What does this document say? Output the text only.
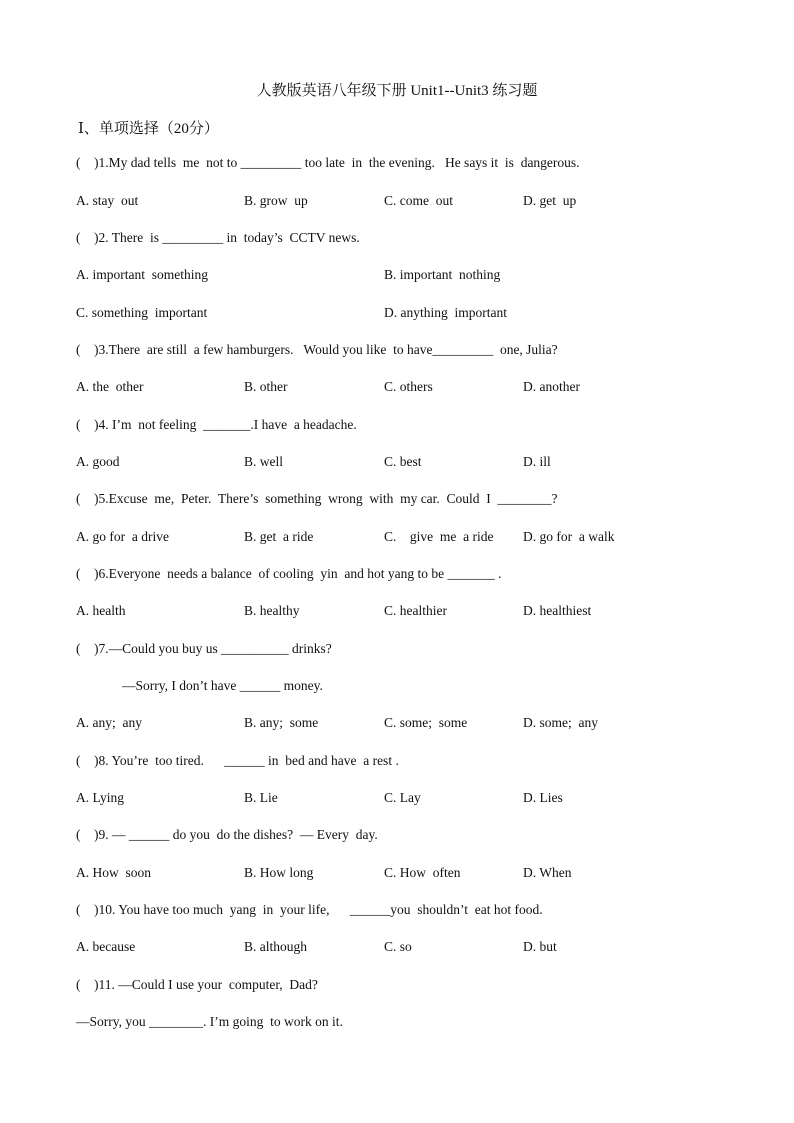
人教版英语八年级下册 Unit1--Unit3 练习题
Ⅰ、单项选择（20分）
(    )1.My dad tells  me  not to _________ too late  in  the evening.   He says it  is  dangerous.
A. stay  out	B. grow  up	C. come  out	D. get  up
(    )2. There  is _________ in  today’s  CCTV news.
A. important  something	B. important  nothing
C. something  important	D. anything  important
(    )3.There  are still  a few hamburgers.   Would you like  to have_________  one, Julia?
A. the  other	B. other	C. others	D. another
(    )4. I’m  not feeling  _______.I have  a headache.
A. good	B. well	C. best	D. ill
(    )5.Excuse  me,  Peter.  There’s  something  wrong  with  my car.  Could  I  ________?
A. go for  a drive	B. get  a ride	C.    give  me  a ride D. go for  a walk
(    )6.Everyone  needs a balance  of cooling  yin  and hot yang to be _______ .
A. health	B. healthy	C. healthier	D. healthiest
(    )7.—Could you buy us __________ drinks?
—Sorry, I don’t have ______ money.
A. any;  any	B. any;  some	C. some;  some	D. some;  any
(    )8. You’re  too tired.      ______ in  bed and have  a rest .
A. Lying	B. Lie	C. Lay	D. Lies
(    )9. — ______ do you  do the dishes?  — Every  day.
A. How  soon	B. How long	C. How  often	D. When
(    )10. You have too much  yang  in  your life,      ______you  shouldn’t  eat hot food.
A. because	B. although	C. so	D. but
(    )11. —Could I use your  computer,  Dad?
—Sorry, you ________. I’m going  to work on it.
